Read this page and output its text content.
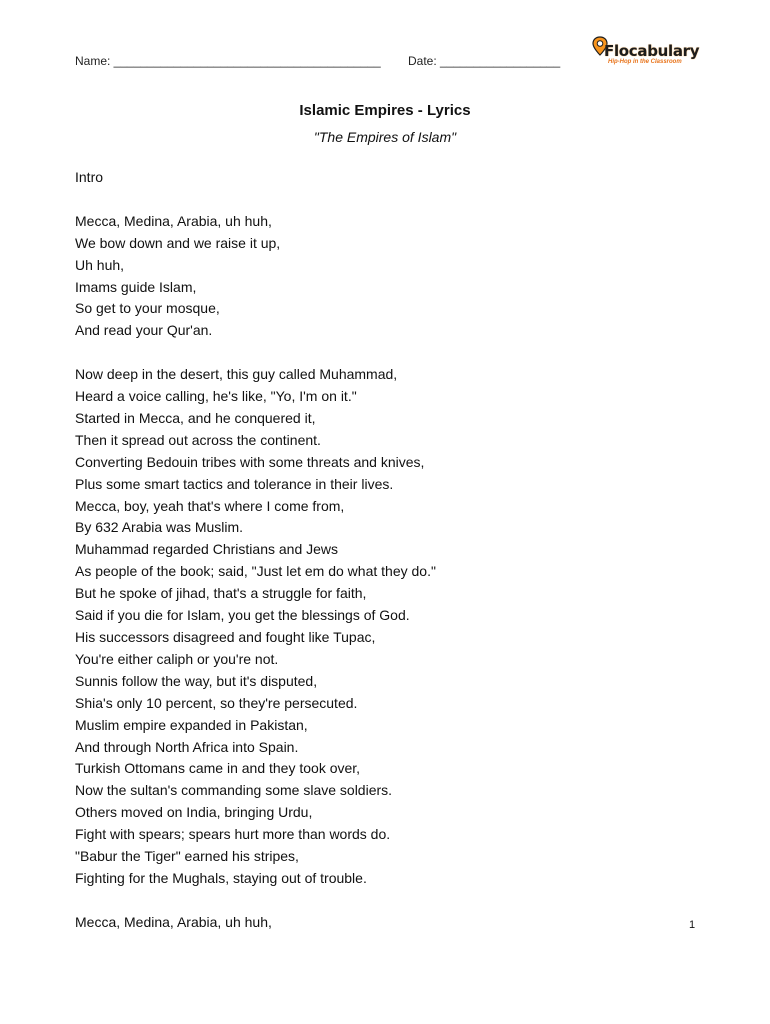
Name: ________________________________________ Date: __________________
Flocabulary
Hip-Hop in the Classroom
Islamic Empires - Lyrics
"The Empires of Islam"
Intro
Mecca, Medina, Arabia, uh huh,
We bow down and we raise it up,
Uh huh,
Imams guide Islam,
So get to your mosque,
And read your Qur'an.
Now deep in the desert, this guy called Muhammad,
Heard a voice calling, he's like, "Yo, I'm on it."
Started in Mecca, and he conquered it,
Then it spread out across the continent.
Converting Bedouin tribes with some threats and knives,
Plus some smart tactics and tolerance in their lives.
Mecca, boy, yeah that's where I come from,
By 632 Arabia was Muslim.
Muhammad regarded Christians and Jews
As people of the book; said, "Just let em do what they do."
But he spoke of jihad, that's a struggle for faith,
Said if you die for Islam, you get the blessings of God.
His successors disagreed and fought like Tupac,
You're either caliph or you're not.
Sunnis follow the way, but it's disputed,
Shia's only 10 percent, so they're persecuted.
Muslim empire expanded in Pakistan,
And through North Africa into Spain.
Turkish Ottomans came in and they took over,
Now the sultan's commanding some slave soldiers.
Others moved on India, bringing Urdu,
Fight with spears; spears hurt more than words do.
"Babur the Tiger" earned his stripes,
Fighting for the Mughals, staying out of trouble.
Mecca, Medina, Arabia, uh huh,	1
